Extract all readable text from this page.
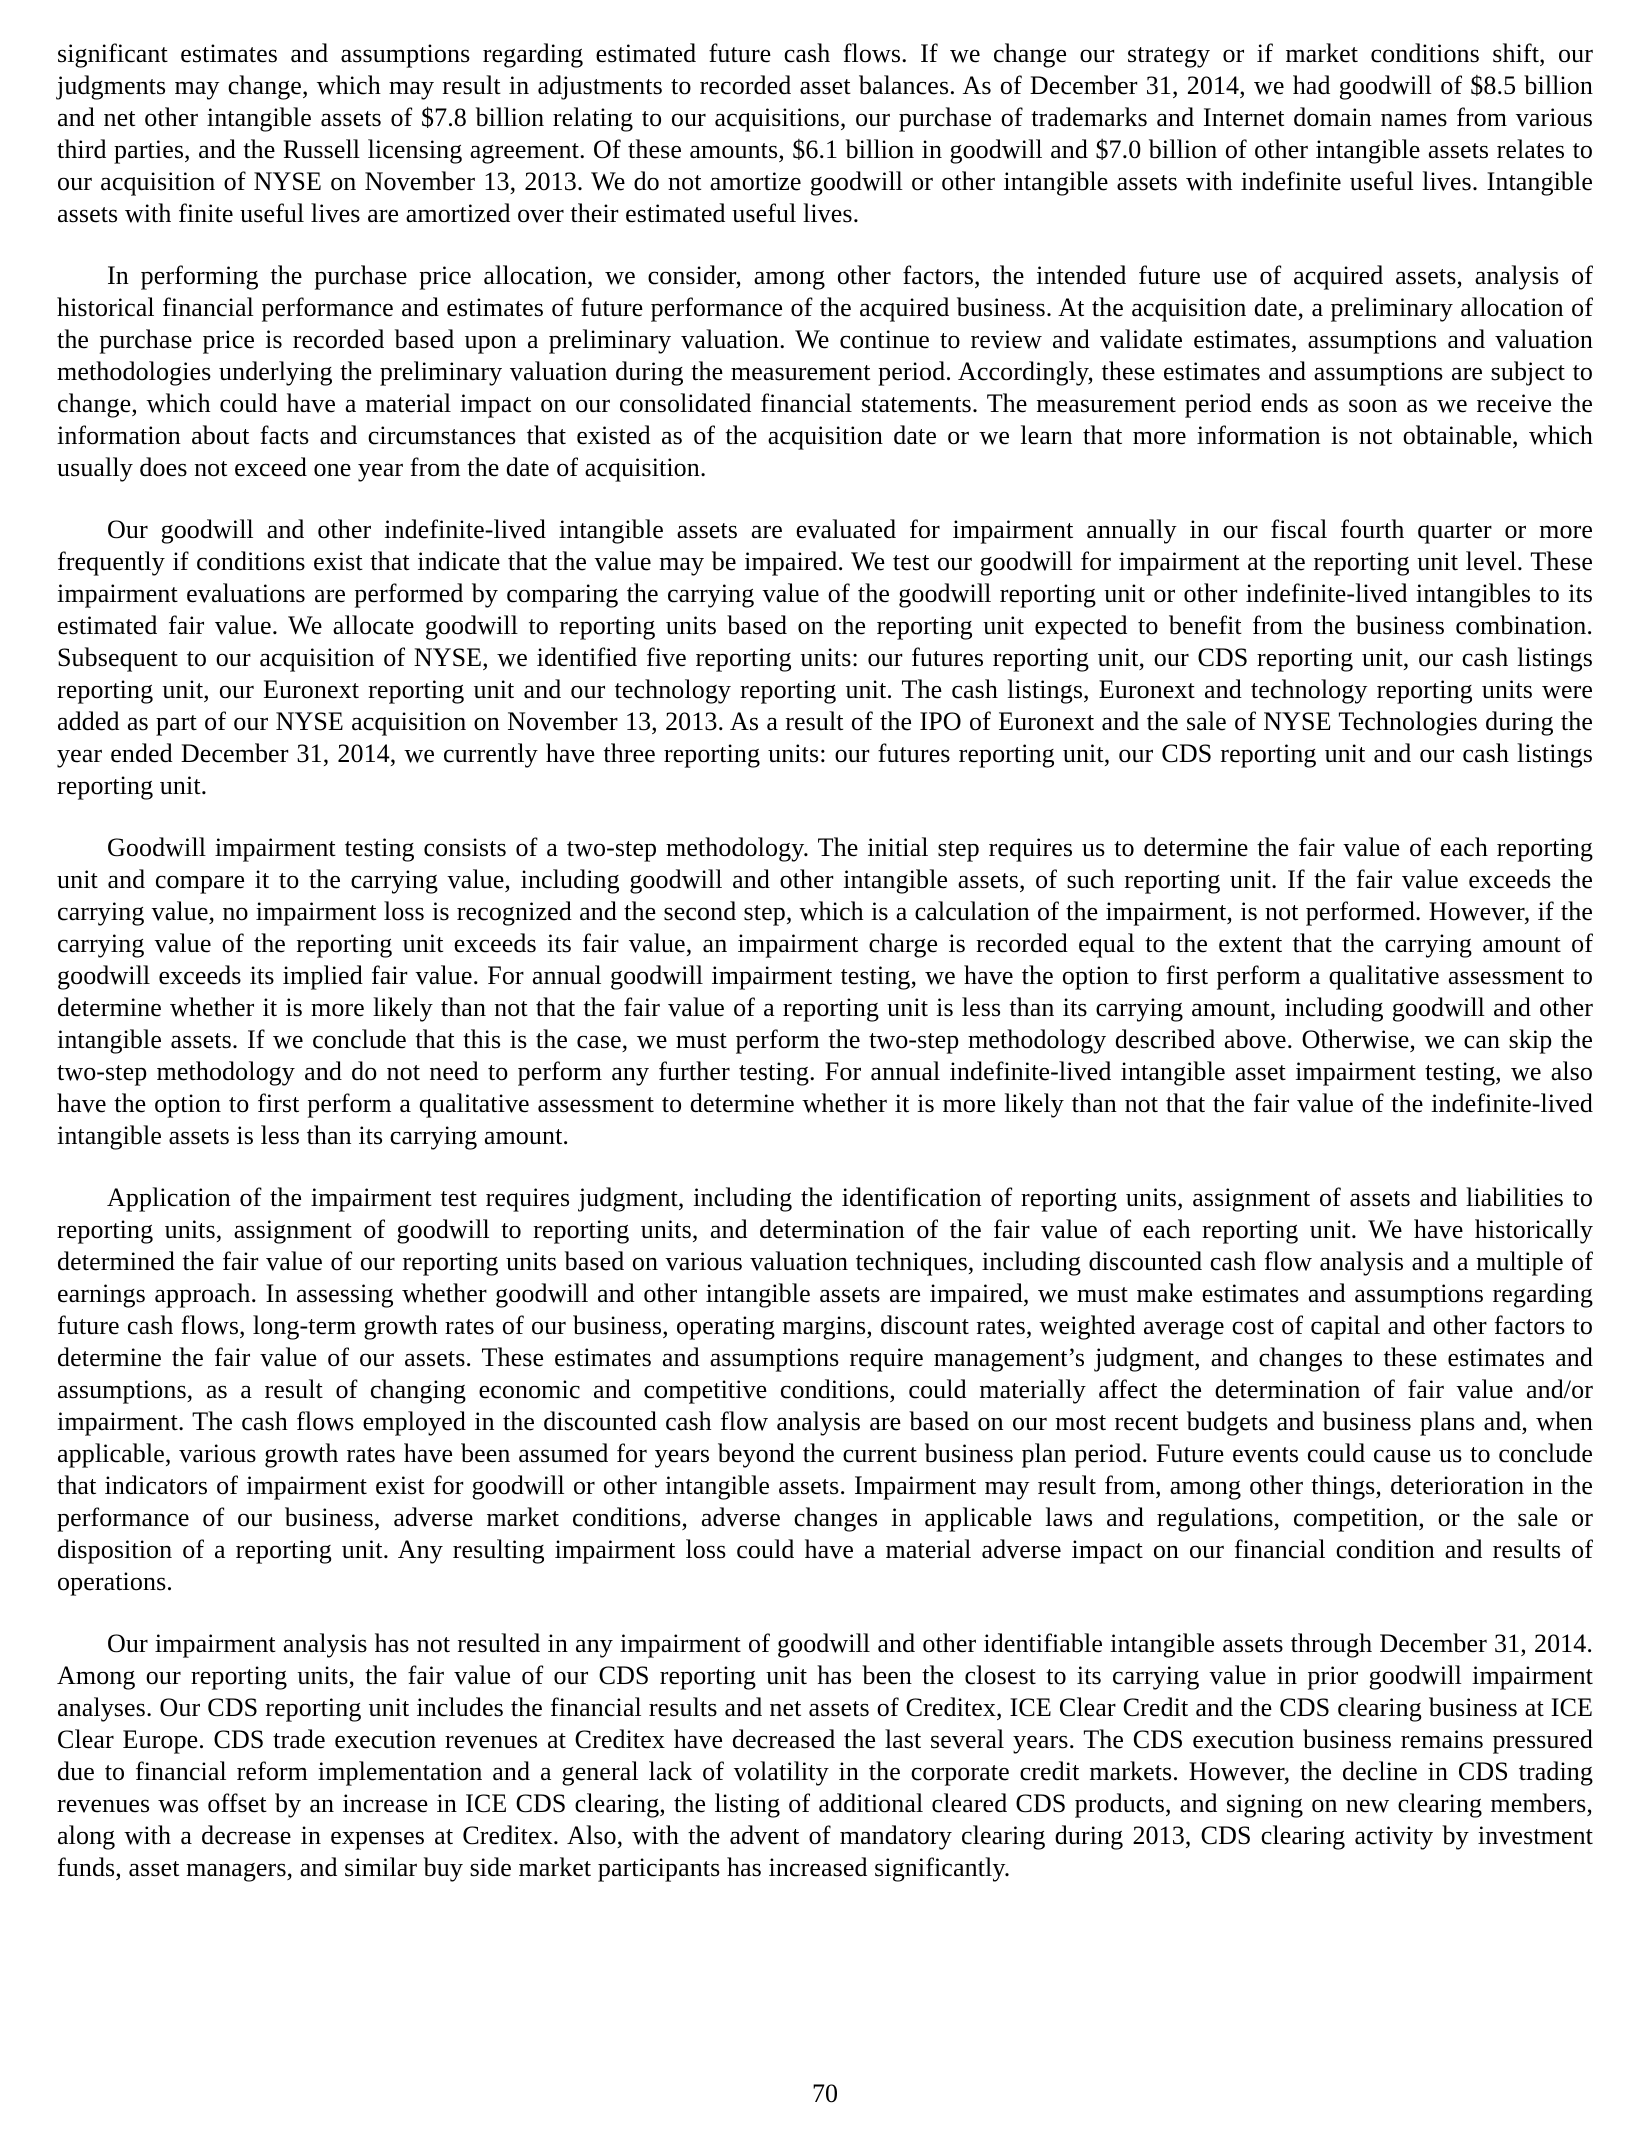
significant estimates and assumptions regarding estimated future cash flows. If we change our strategy or if market conditions shift, our judgments may change, which may result in adjustments to recorded asset balances. As of December 31, 2014, we had goodwill of $8.5 billion and net other intangible assets of $7.8 billion relating to our acquisitions, our purchase of trademarks and Internet domain names from various third parties, and the Russell licensing agreement. Of these amounts, $6.1 billion in goodwill and $7.0 billion of other intangible assets relates to our acquisition of NYSE on November 13, 2013. We do not amortize goodwill or other intangible assets with indefinite useful lives. Intangible assets with finite useful lives are amortized over their estimated useful lives.

In performing the purchase price allocation, we consider, among other factors, the intended future use of acquired assets, analysis of historical financial performance and estimates of future performance of the acquired business. At the acquisition date, a preliminary allocation of the purchase price is recorded based upon a preliminary valuation. We continue to review and validate estimates, assumptions and valuation methodologies underlying the preliminary valuation during the measurement period. Accordingly, these estimates and assumptions are subject to change, which could have a material impact on our consolidated financial statements. The measurement period ends as soon as we receive the information about facts and circumstances that existed as of the acquisition date or we learn that more information is not obtainable, which usually does not exceed one year from the date of acquisition.

Our goodwill and other indefinite-lived intangible assets are evaluated for impairment annually in our fiscal fourth quarter or more frequently if conditions exist that indicate that the value may be impaired. We test our goodwill for impairment at the reporting unit level. These impairment evaluations are performed by comparing the carrying value of the goodwill reporting unit or other indefinite-lived intangibles to its estimated fair value. We allocate goodwill to reporting units based on the reporting unit expected to benefit from the business combination. Subsequent to our acquisition of NYSE, we identified five reporting units: our futures reporting unit, our CDS reporting unit, our cash listings reporting unit, our Euronext reporting unit and our technology reporting unit. The cash listings, Euronext and technology reporting units were added as part of our NYSE acquisition on November 13, 2013. As a result of the IPO of Euronext and the sale of NYSE Technologies during the year ended December 31, 2014, we currently have three reporting units: our futures reporting unit, our CDS reporting unit and our cash listings reporting unit.

Goodwill impairment testing consists of a two-step methodology. The initial step requires us to determine the fair value of each reporting unit and compare it to the carrying value, including goodwill and other intangible assets, of such reporting unit. If the fair value exceeds the carrying value, no impairment loss is recognized and the second step, which is a calculation of the impairment, is not performed. However, if the carrying value of the reporting unit exceeds its fair value, an impairment charge is recorded equal to the extent that the carrying amount of goodwill exceeds its implied fair value. For annual goodwill impairment testing, we have the option to first perform a qualitative assessment to determine whether it is more likely than not that the fair value of a reporting unit is less than its carrying amount, including goodwill and other intangible assets. If we conclude that this is the case, we must perform the two-step methodology described above. Otherwise, we can skip the two-step methodology and do not need to perform any further testing. For annual indefinite-lived intangible asset impairment testing, we also have the option to first perform a qualitative assessment to determine whether it is more likely than not that the fair value of the indefinite-lived intangible assets is less than its carrying amount.

Application of the impairment test requires judgment, including the identification of reporting units, assignment of assets and liabilities to reporting units, assignment of goodwill to reporting units, and determination of the fair value of each reporting unit. We have historically determined the fair value of our reporting units based on various valuation techniques, including discounted cash flow analysis and a multiple of earnings approach. In assessing whether goodwill and other intangible assets are impaired, we must make estimates and assumptions regarding future cash flows, long-term growth rates of our business, operating margins, discount rates, weighted average cost of capital and other factors to determine the fair value of our assets. These estimates and assumptions require management’s judgment, and changes to these estimates and assumptions, as a result of changing economic and competitive conditions, could materially affect the determination of fair value and/or impairment. The cash flows employed in the discounted cash flow analysis are based on our most recent budgets and business plans and, when applicable, various growth rates have been assumed for years beyond the current business plan period. Future events could cause us to conclude that indicators of impairment exist for goodwill or other intangible assets. Impairment may result from, among other things, deterioration in the performance of our business, adverse market conditions, adverse changes in applicable laws and regulations, competition, or the sale or disposition of a reporting unit. Any resulting impairment loss could have a material adverse impact on our financial condition and results of operations.

Our impairment analysis has not resulted in any impairment of goodwill and other identifiable intangible assets through December 31, 2014. Among our reporting units, the fair value of our CDS reporting unit has been the closest to its carrying value in prior goodwill impairment analyses. Our CDS reporting unit includes the financial results and net assets of Creditex, ICE Clear Credit and the CDS clearing business at ICE Clear Europe. CDS trade execution revenues at Creditex have decreased the last several years. The CDS execution business remains pressured due to financial reform implementation and a general lack of volatility in the corporate credit markets. However, the decline in CDS trading revenues was offset by an increase in ICE CDS clearing, the listing of additional cleared CDS products, and signing on new clearing members, along with a decrease in expenses at Creditex. Also, with the advent of mandatory clearing during 2013, CDS clearing activity by investment funds, asset managers, and similar buy side market participants has increased significantly.

70
